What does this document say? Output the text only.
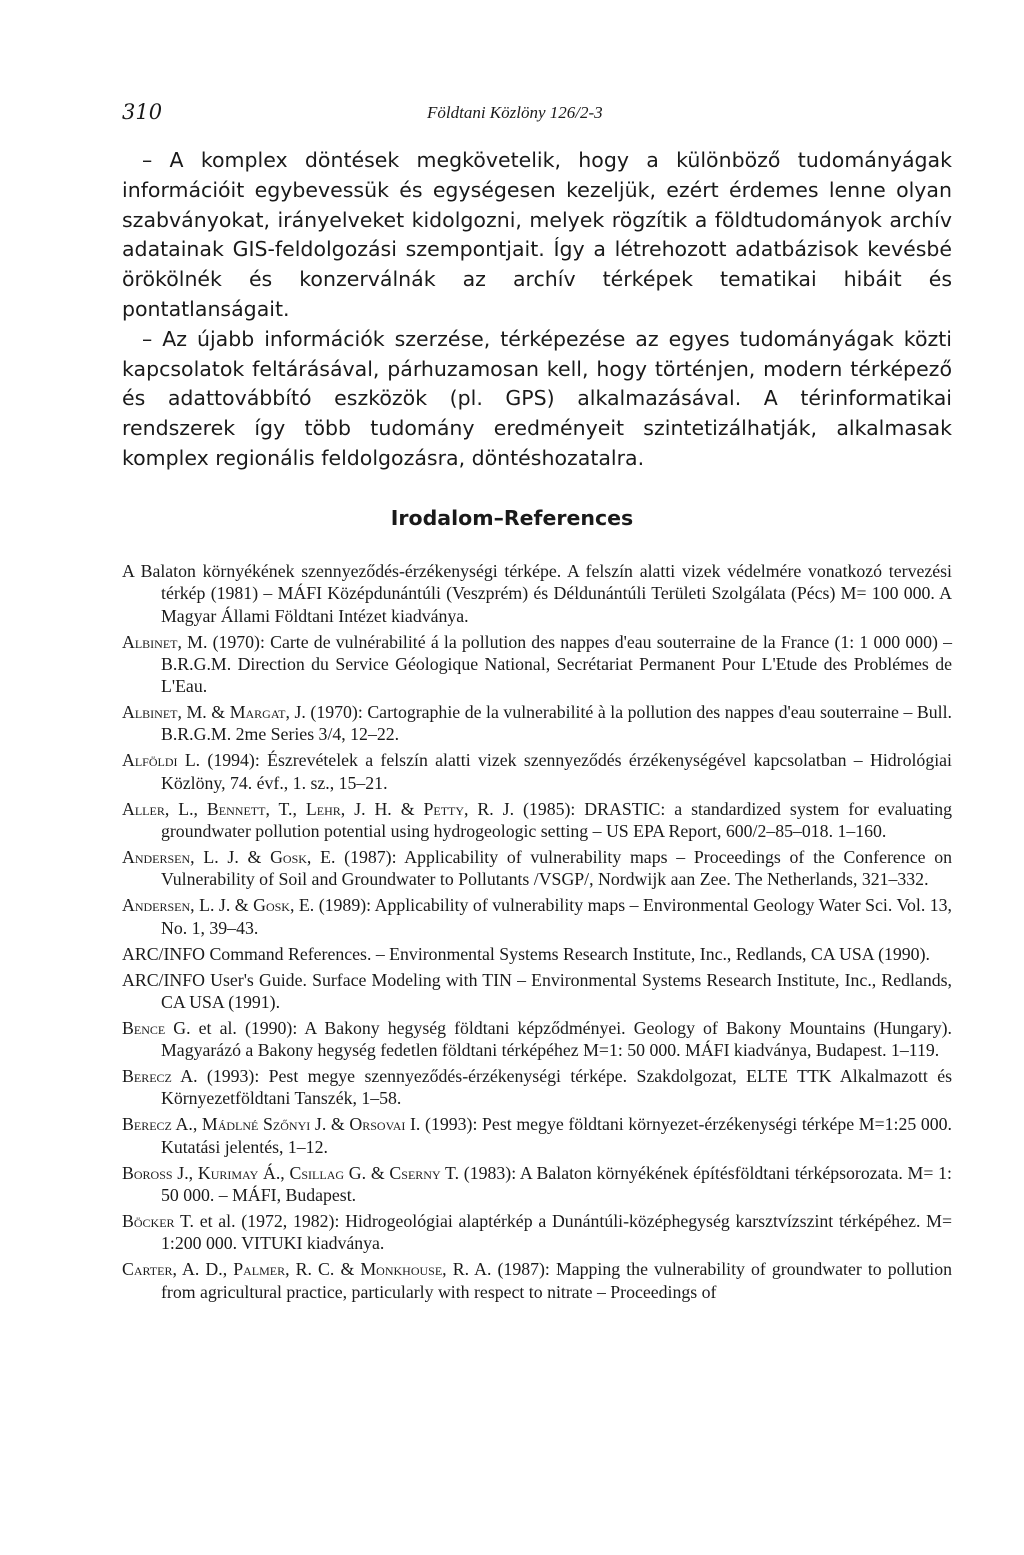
310	Földtani Közlöny 126/2-3

– A komplex döntések megkövetelik, hogy a különböző tudományágak információit egybevessük és egységesen kezeljük, ezért érdemes lenne olyan szabványokat, irányelveket kidolgozni, melyek rögzítik a földtudományok archív adatainak GIS-feldolgozási szempontjait. Így a létrehozott adatbázisok kevésbé örökölnék és konzerválnák az archív térképek tematikai hibáit és pontatlanságait.

– Az újabb információk szerzése, térképezése az egyes tudományágak közti kapcsolatok feltárásával, párhuzamosan kell, hogy történjen, modern térképező és adattovábbító eszközök (pl. GPS) alkalmazásával. A térinformatikai rendszerek így több tudomány eredményeit szintetizálhatják, alkalmasak komplex regionális feldolgozásra, döntéshozatalra.

Irodalom–References

A Balaton környékének szennyeződés-érzékenységi térképe. A felszín alatti vizek védelmére vonatkozó tervezési térkép (1981) – MÁFI Középdunántúli (Veszprém) és Déldunántúli Területi Szolgálata (Pécs) M= 100 000. A Magyar Állami Földtani Intézet kiadványa.

Albinet, M. (1970): Carte de vulnérabilité á la pollution des nappes d'eau souterraine de la France (1: 1 000 000) – B.R.G.M. Direction du Service Géologique National, Secrétariat Permanent Pour L'Etude des Problémes de L'Eau.

Albinet, M. & Margat, J. (1970): Cartographie de la vulnerabilité à la pollution des nappes d'eau souterraine – Bull. B.R.G.M. 2me Series 3/4, 12–22.

Alföldi L. (1994): Észrevételek a felszín alatti vizek szennyeződés érzékenységével kapcsolatban – Hidrológiai Közlöny, 74. évf., 1. sz., 15–21.

Aller, L., Bennett, T., Lehr, J. H. & Petty, R. J. (1985): DRASTIC: a standardized system for evaluating groundwater pollution potential using hydrogeologic setting – US EPA Report, 600/2–85–018. 1–160.

Andersen, L. J. & Gosk, E. (1987): Applicability of vulnerability maps – Proceedings of the Conference on Vulnerability of Soil and Groundwater to Pollutants /VSGP/, Nordwijk aan Zee. The Netherlands, 321–332.

Andersen, L. J. & Gosk, E. (1989): Applicability of vulnerability maps – Environmental Geology Water Sci. Vol. 13, No. 1, 39–43.

ARC/INFO Command References. – Environmental Systems Research Institute, Inc., Redlands, CA USA (1990).

ARC/INFO User's Guide. Surface Modeling with TIN – Environmental Systems Research Institute, Inc., Redlands, CA USA (1991).

Bence G. et al. (1990): A Bakony hegység földtani képződményei. Geology of Bakony Mountains (Hungary). Magyarázó a Bakony hegység fedetlen földtani térképéhez M=1: 50 000. MÁFI kiadványa, Budapest. 1–119.

Berecz A. (1993): Pest megye szennyeződés-érzékenységi térképe. Szakdolgozat, ELTE TTK Alkalmazott és Környezetföldtani Tanszék, 1–58.

Berecz A., Mádlné Szőnyi J. & Orsovai I. (1993): Pest megye földtani környezet-érzékenységi térképe M=1:25 000. Kutatási jelentés, 1–12.

Boross J., Kurimay Á., Csillag G. & Cserny T. (1983): A Balaton környékének építésföldtani térképsorozata. M= 1: 50 000. – MÁFI, Budapest.

Böcker T. et al. (1972, 1982): Hidrogeológiai alaptérkép a Dunántúli-középhegység karsztvízszint térképéhez. M= 1:200 000. VITUKI kiadványa.

Carter, A. D., Palmer, R. C. & Monkhouse, R. A. (1987): Mapping the vulnerability of groundwater to pollution from agricultural practice, particularly with respect to nitrate – Proceedings of
